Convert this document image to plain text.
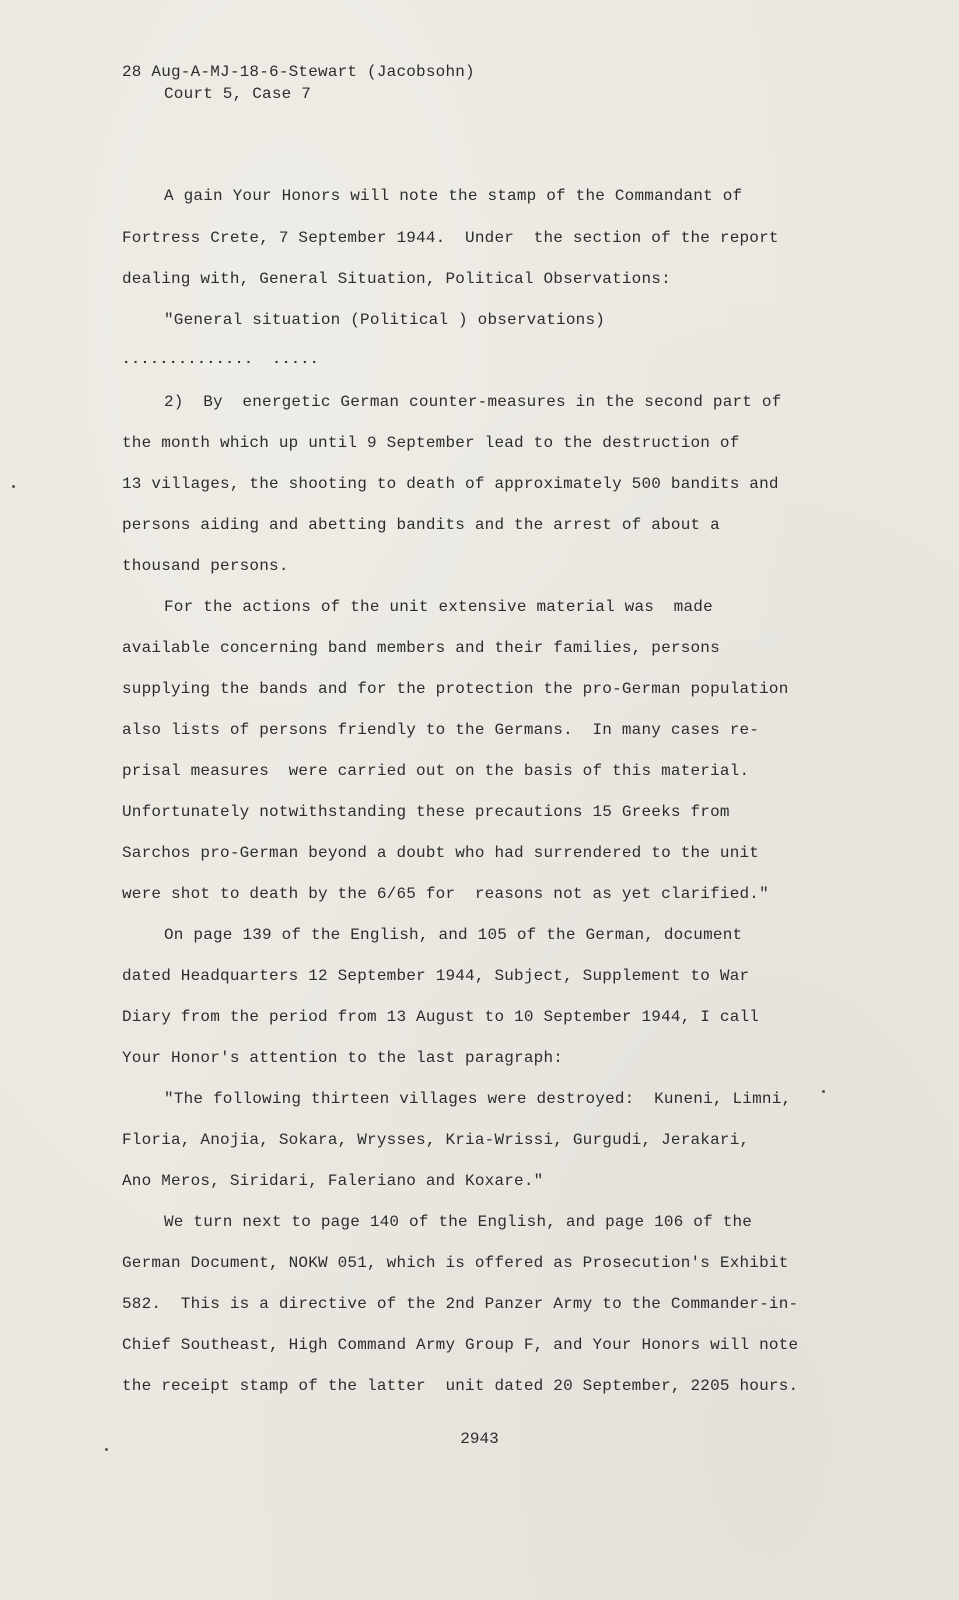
28 Aug-A-MJ-18-6-Stewart (Jacobsohn)
Court 5, Case 7
A gain Your Honors will note the stamp of the Commandant of
Fortress Crete, 7 September 1944.  Under  the section of the report
dealing with, General Situation, Political Observations:
"General situation (Political ) observations)
..............  .....
2)  By  energetic German counter-measures in the second part of
the month which up until 9 September lead to the destruction of
13 villages, the shooting to death of approximately 500 bandits and
persons aiding and abetting bandits and the arrest of about a
thousand persons.
For the actions of the unit extensive material was  made
available concerning band members and their families, persons
supplying the bands and for the protection the pro-German population
also lists of persons friendly to the Germans.  In many cases re-
prisal measures  were carried out on the basis of this material.
Unfortunately notwithstanding these precautions 15 Greeks from
Sarchos pro-German beyond a doubt who had surrendered to the unit
were shot to death by the 6/65 for  reasons not as yet clarified."
On page 139 of the English, and 105 of the German, document
dated Headquarters 12 September 1944, Subject, Supplement to War
Diary from the period from 13 August to 10 September 1944, I call
Your Honor's attention to the last paragraph:
"The following thirteen villages were destroyed:  Kuneni, Limni,
Floria, Anojia, Sokara, Wrysses, Kria-Wrissi, Gurgudi, Jerakari,
Ano Meros, Siridari, Faleriano and Koxare."
We turn next to page 140 of the English, and page 106 of the
German Document, NOKW 051, which is offered as Prosecution's Exhibit
582.  This is a directive of the 2nd Panzer Army to the Commander-in-
Chief Southeast, High Command Army Group F, and Your Honors will note
the receipt stamp of the latter  unit dated 20 September, 2205 hours.
2943
